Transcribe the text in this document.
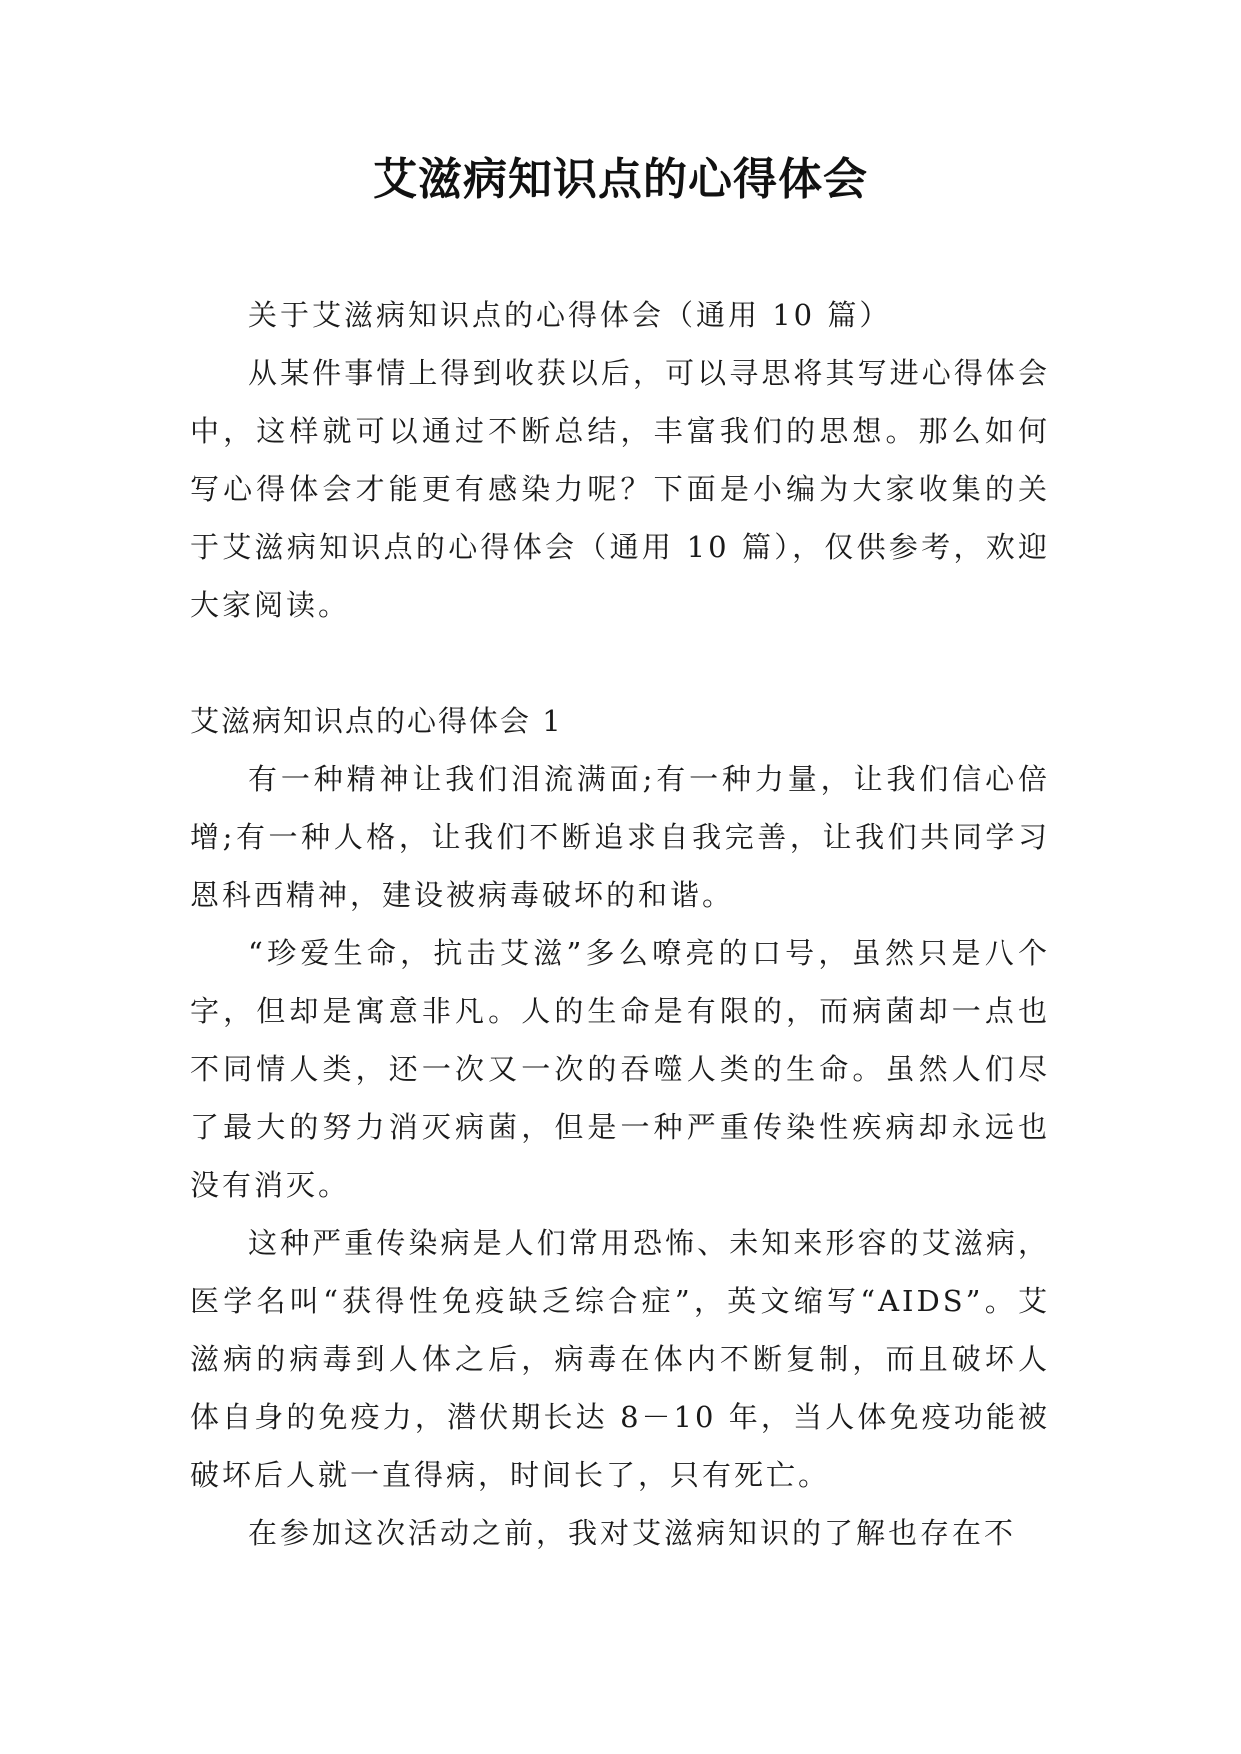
艾滋病知识点的心得体会

关于艾滋病知识点的心得体会（通用 10 篇）

从某件事情上得到收获以后，可以寻思将其写进心得体会中，这样就可以通过不断总结，丰富我们的思想。那么如何写心得体会才能更有感染力呢？下面是小编为大家收集的关于艾滋病知识点的心得体会（通用 10 篇），仅供参考，欢迎大家阅读。

艾滋病知识点的心得体会 1

有一种精神让我们泪流满面;有一种力量，让我们信心倍增;有一种人格，让我们不断追求自我完善，让我们共同学习恩科西精神，建设被病毒破坏的和谐。

“珍爱生命，抗击艾滋”多么嘹亮的口号，虽然只是八个字，但却是寓意非凡。人的生命是有限的，而病菌却一点也不同情人类，还一次又一次的吞噬人类的生命。虽然人们尽了最大的努力消灭病菌，但是一种严重传染性疾病却永远也没有消灭。

这种严重传染病是人们常用恐怖、未知来形容的艾滋病，医学名叫“获得性免疫缺乏综合症”，英文缩写“AIDS”。艾滋病的病毒到人体之后，病毒在体内不断复制，而且破坏人体自身的免疫力，潜伏期长达 8－10 年，当人体免疫功能被破坏后人就一直得病，时间长了，只有死亡。

在参加这次活动之前，我对艾滋病知识的了解也存在不
